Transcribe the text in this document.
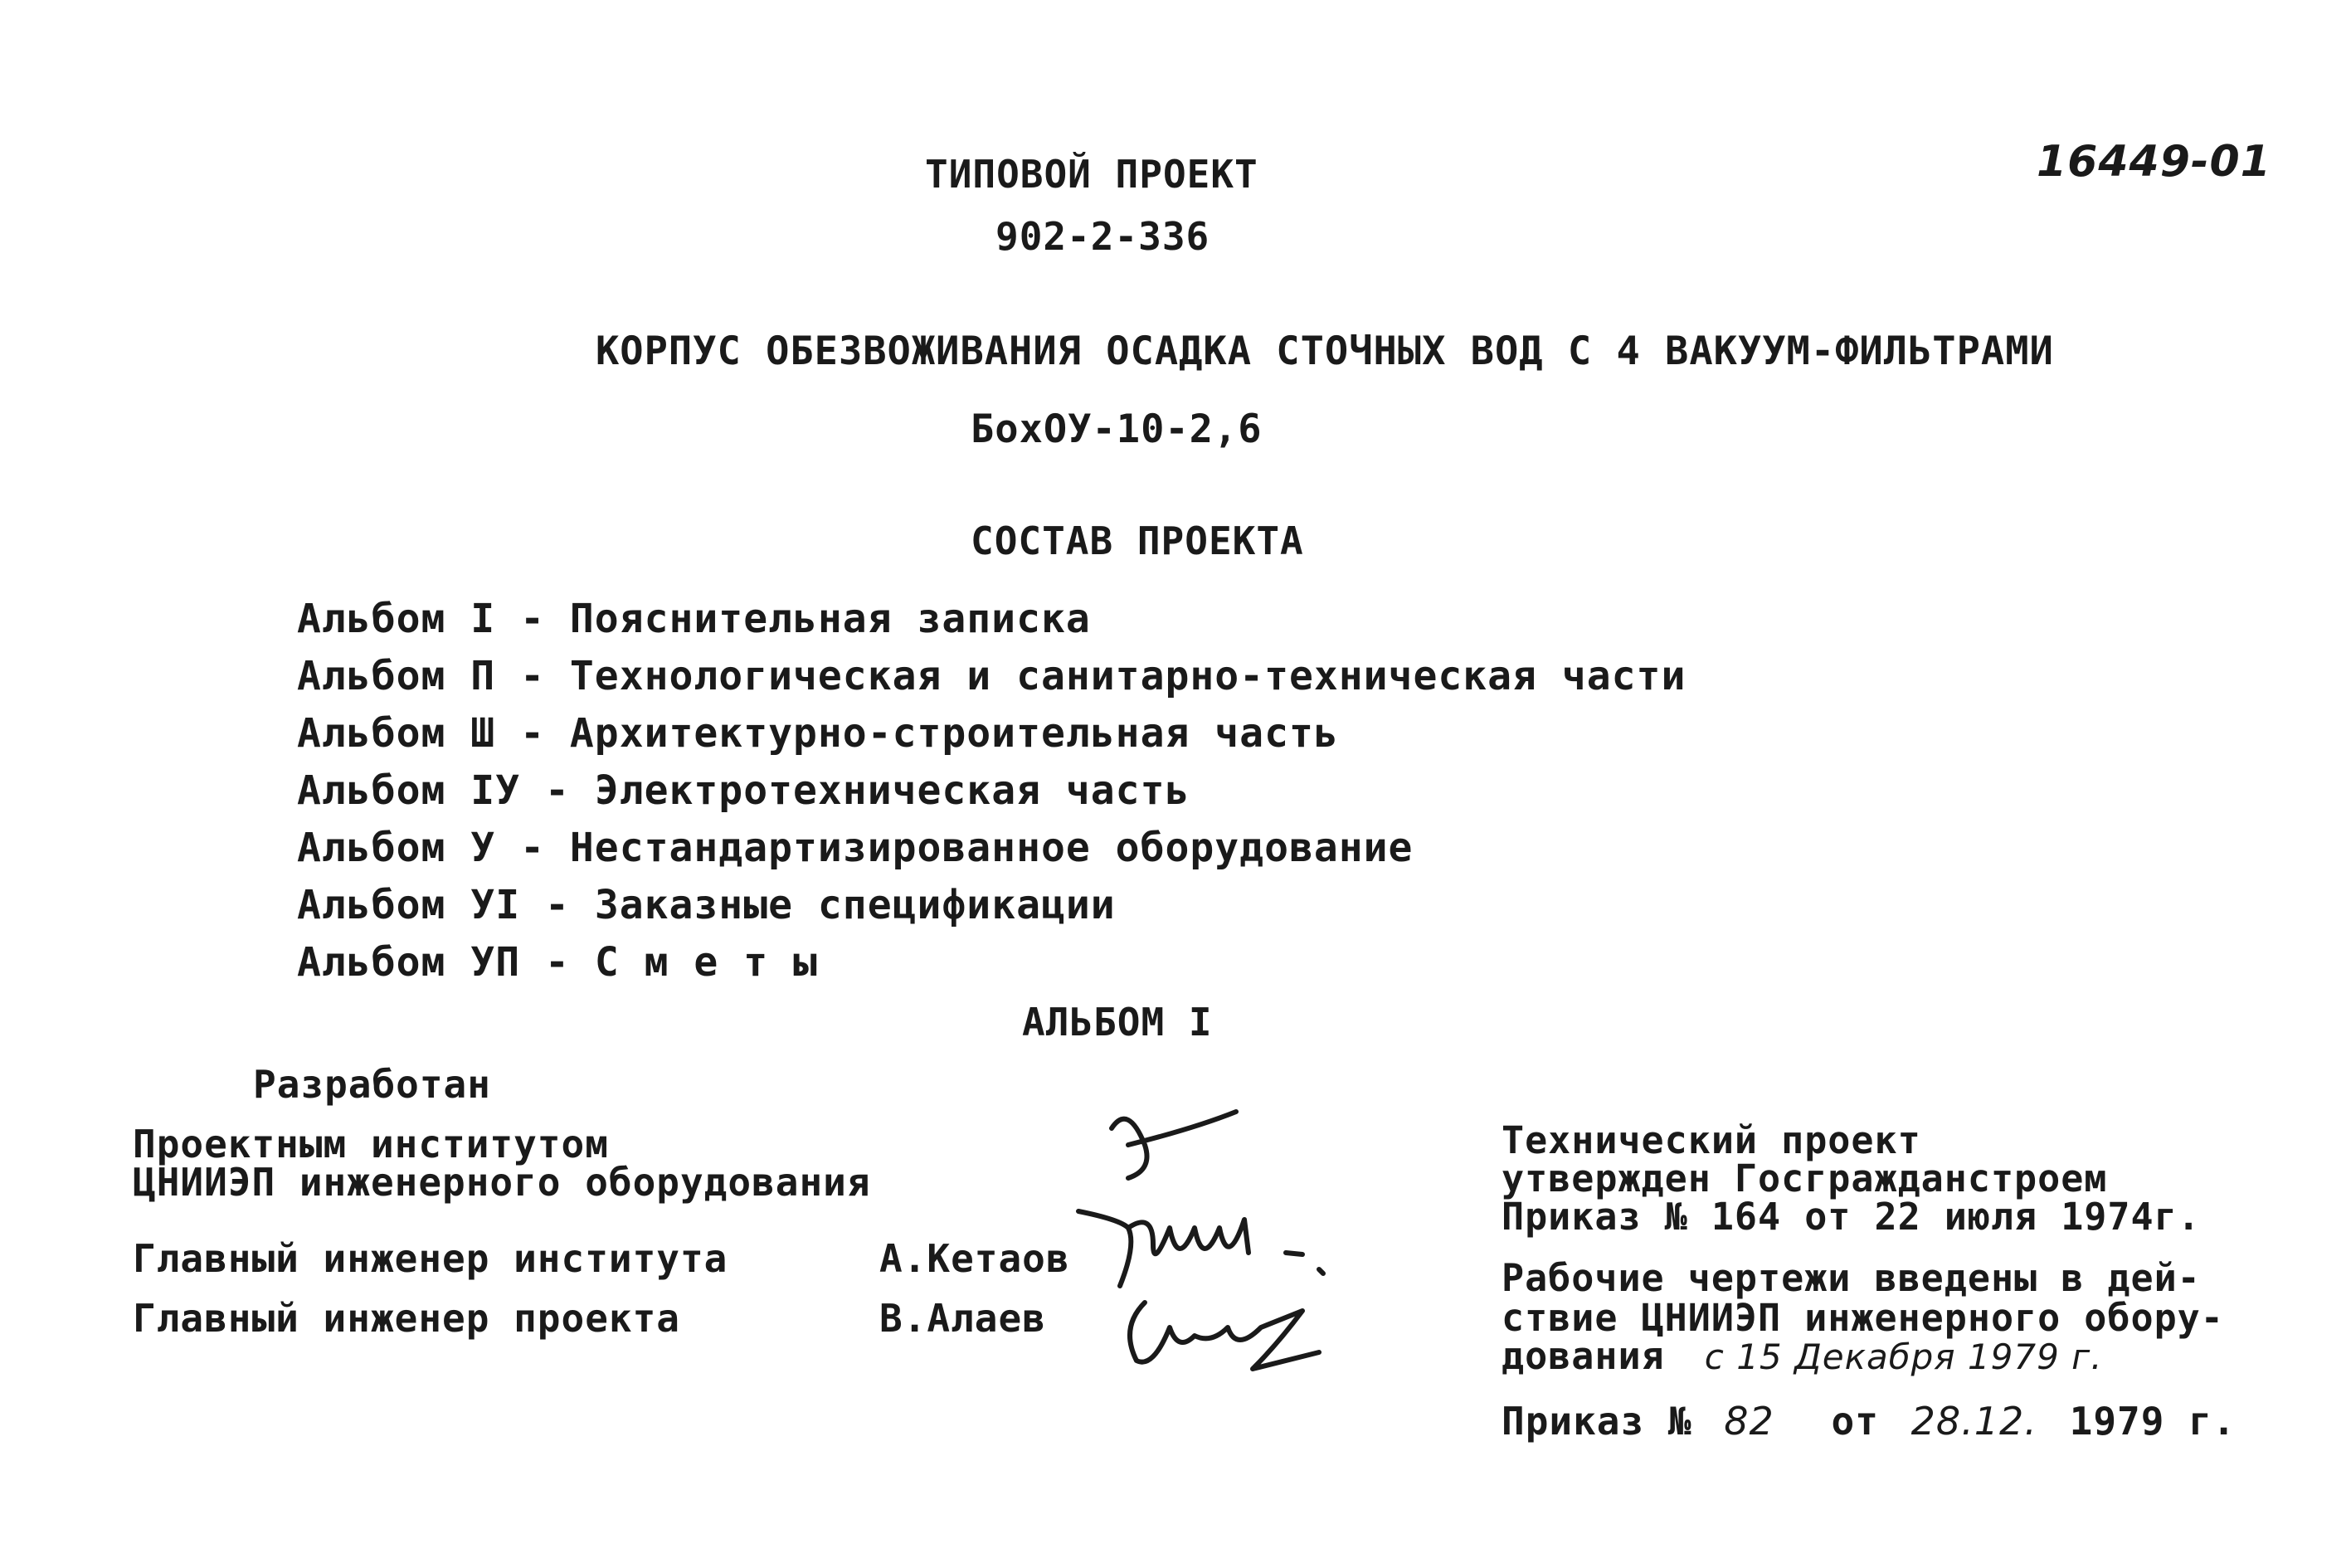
ТИПОВОЙ ПРОЕКТ
902-2-336
16449-01
КОРПУС ОБЕЗВОЖИВАНИЯ ОСАДКА СТОЧНЫХ ВОД С 4 ВАКУУМ-ФИЛЬТРАМИ
БохОУ-10-2,6
СОСТАВ ПРОЕКТА
Альбом I - Пояснительная записка
Альбом П - Технологическая и санитарно-техническая части
Альбом Ш - Архитектурно-строительная часть
Альбом IУ - Электротехническая часть
Альбом У - Нестандартизированное оборудование
Альбом УI - Заказные спецификации
Альбом УП - С м е т ы
АЛЬБОМ I
Разработан
Проектным институтом
ЦНИИЭП инженерного оборудования
Главный инженер института	А.Кетаов
Главный инженер проекта	В.Алаев
Технический проект
утвержден Госгражданстроем
Приказ № 164 от 22 июля 1974г.
Рабочие чертежи введены в дей-
ствие ЦНИИЭП инженерного обору-
дования с 15 Декабря 1979 г.
Приказ № 82 от 28.12. 1979 г.
